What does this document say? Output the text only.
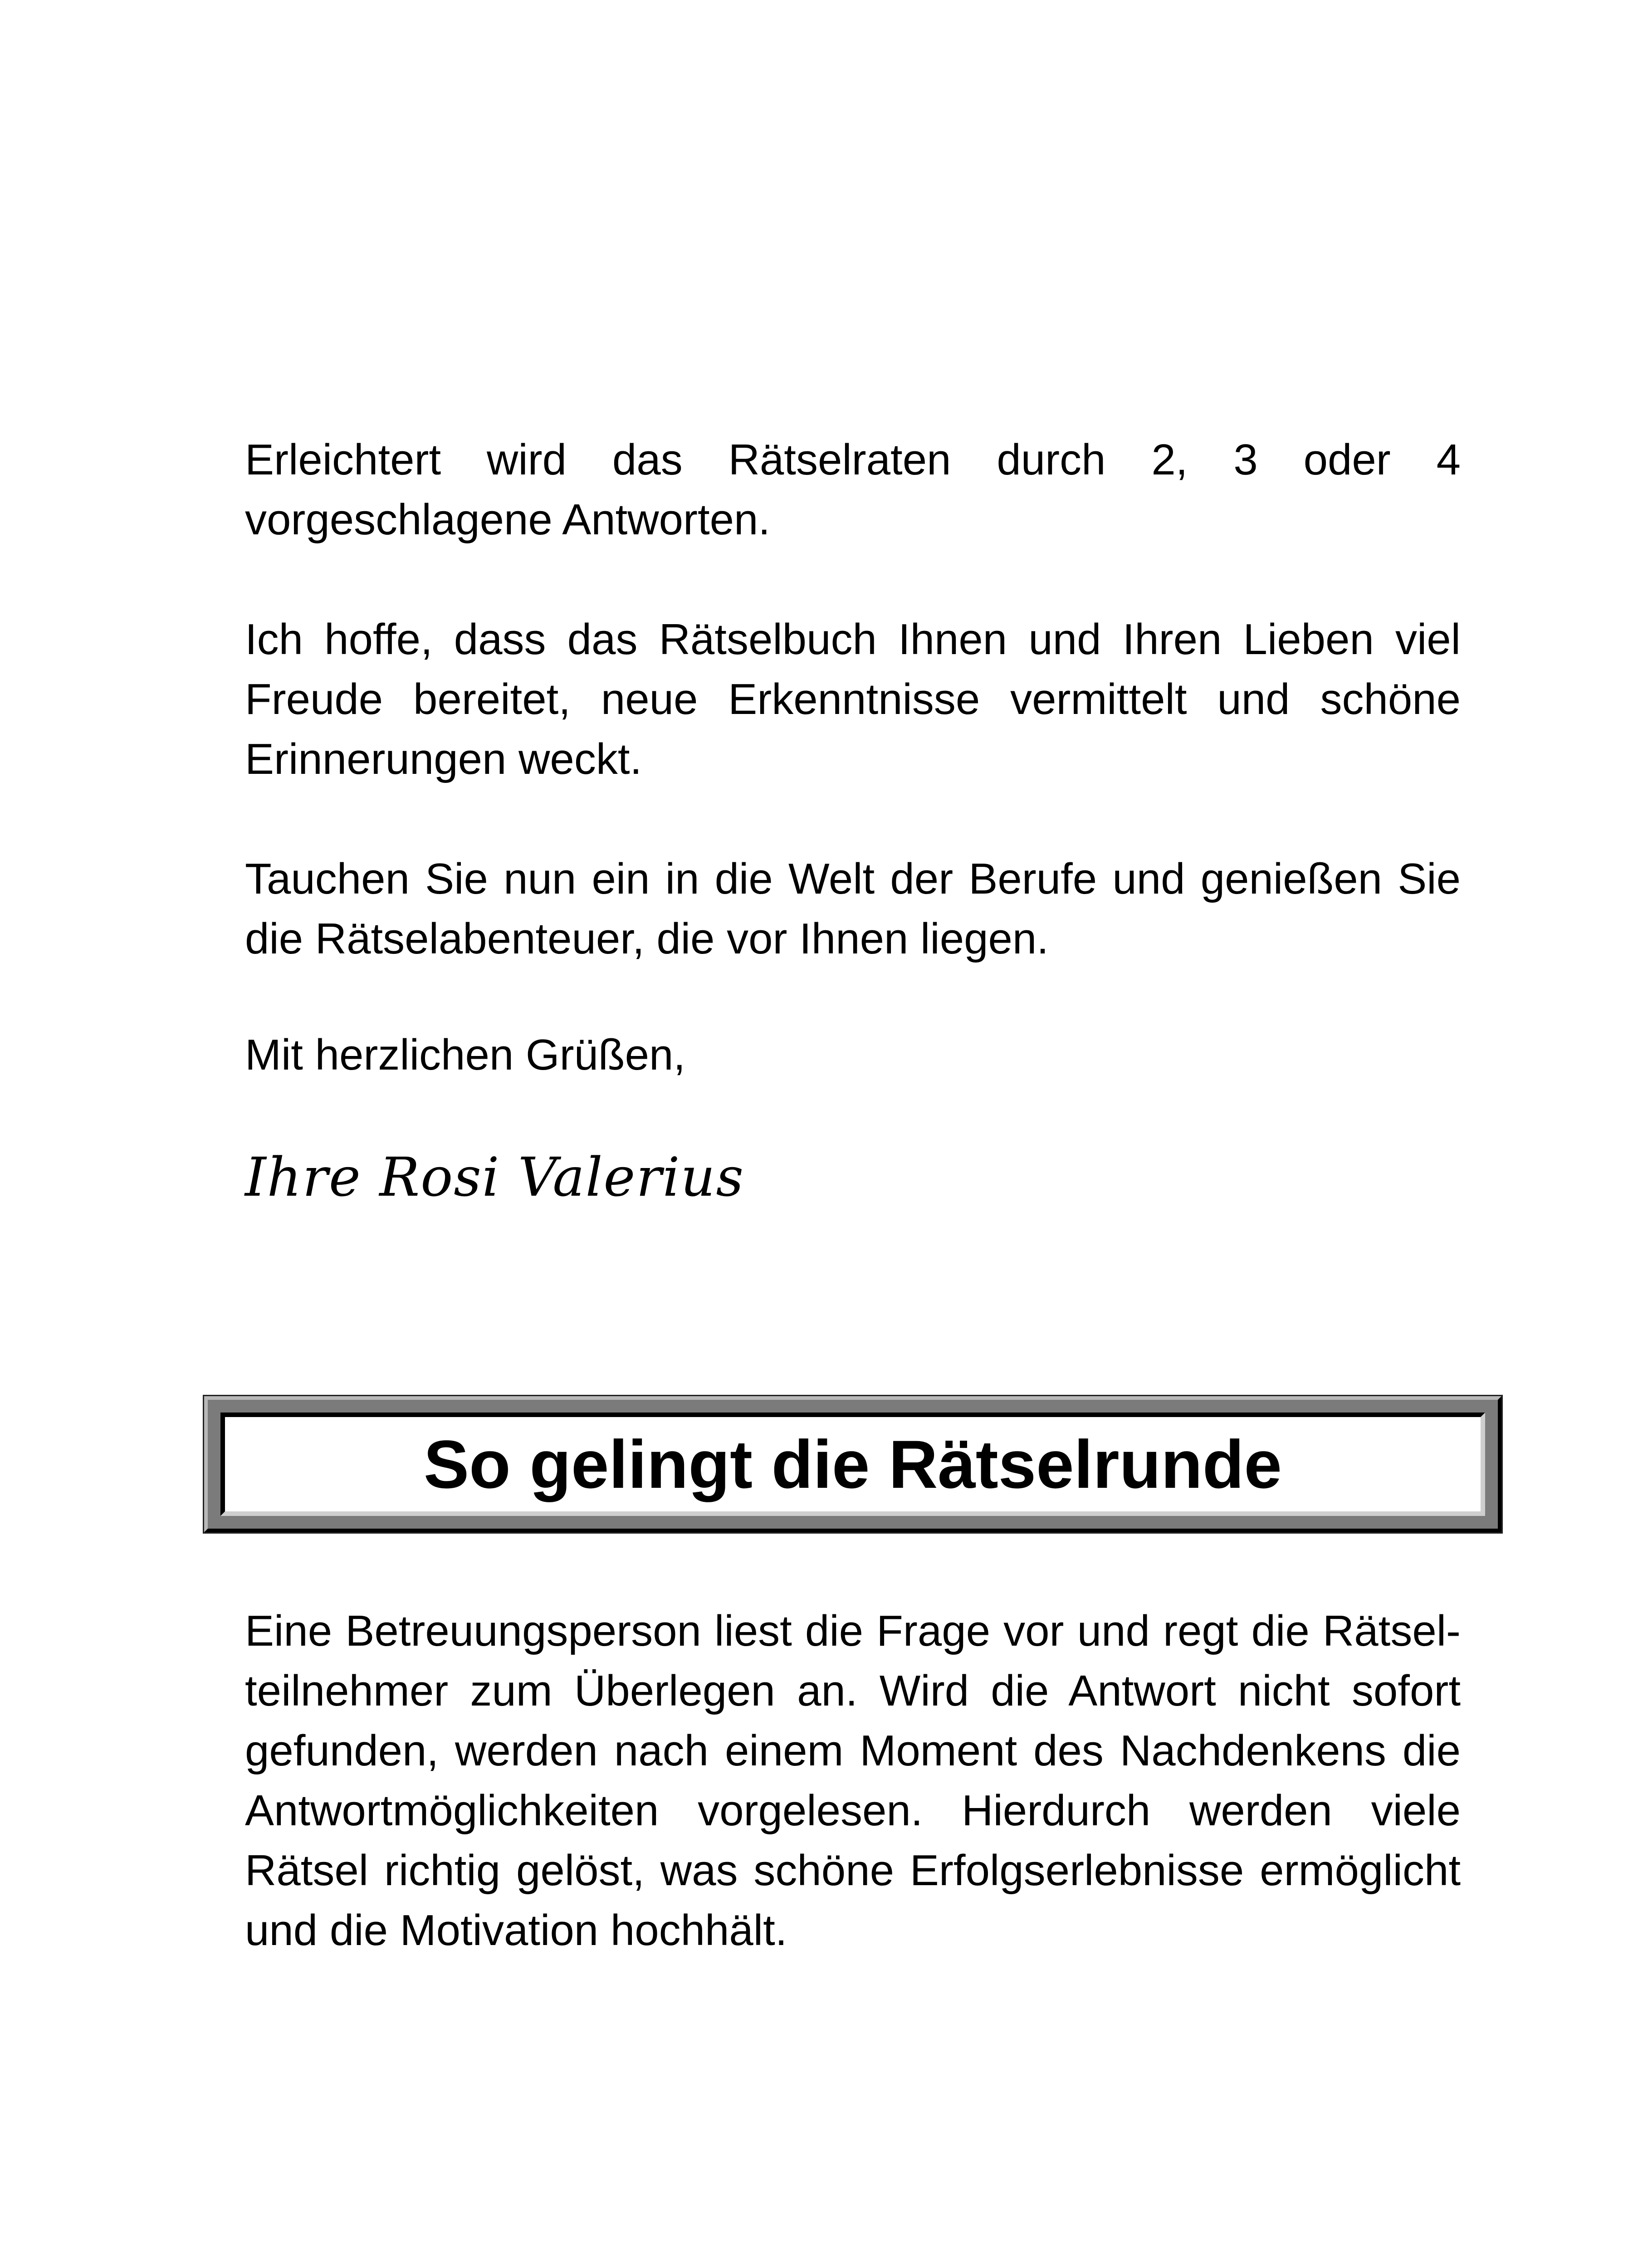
Erleichtert wird das Rätselraten durch 2, 3 oder 4 vorgeschlagene Antworten.

Ich hoffe, dass das Rätselbuch Ihnen und Ihren Lieben viel Freude bereitet, neue Erkenntnisse vermittelt und schöne Erinnerungen weckt.

Tauchen Sie nun ein in die Welt der Berufe und genießen Sie die Rätselabenteuer, die vor Ihnen liegen.

Mit herzlichen Grüßen,
Ihre Rosi Valerius
So gelingt die Rätselrunde

Eine Betreuungsperson liest die Frage vor und regt die Rätselteilnehmer zum Überlegen an. Wird die Antwort nicht sofort gefunden, werden nach einem Moment des Nachdenkens die Antwortmöglichkeiten vorgelesen. Hierdurch werden viele Rätsel richtig gelöst, was schöne Erfolgserlebnisse ermöglicht und die Motivation hochhält.
